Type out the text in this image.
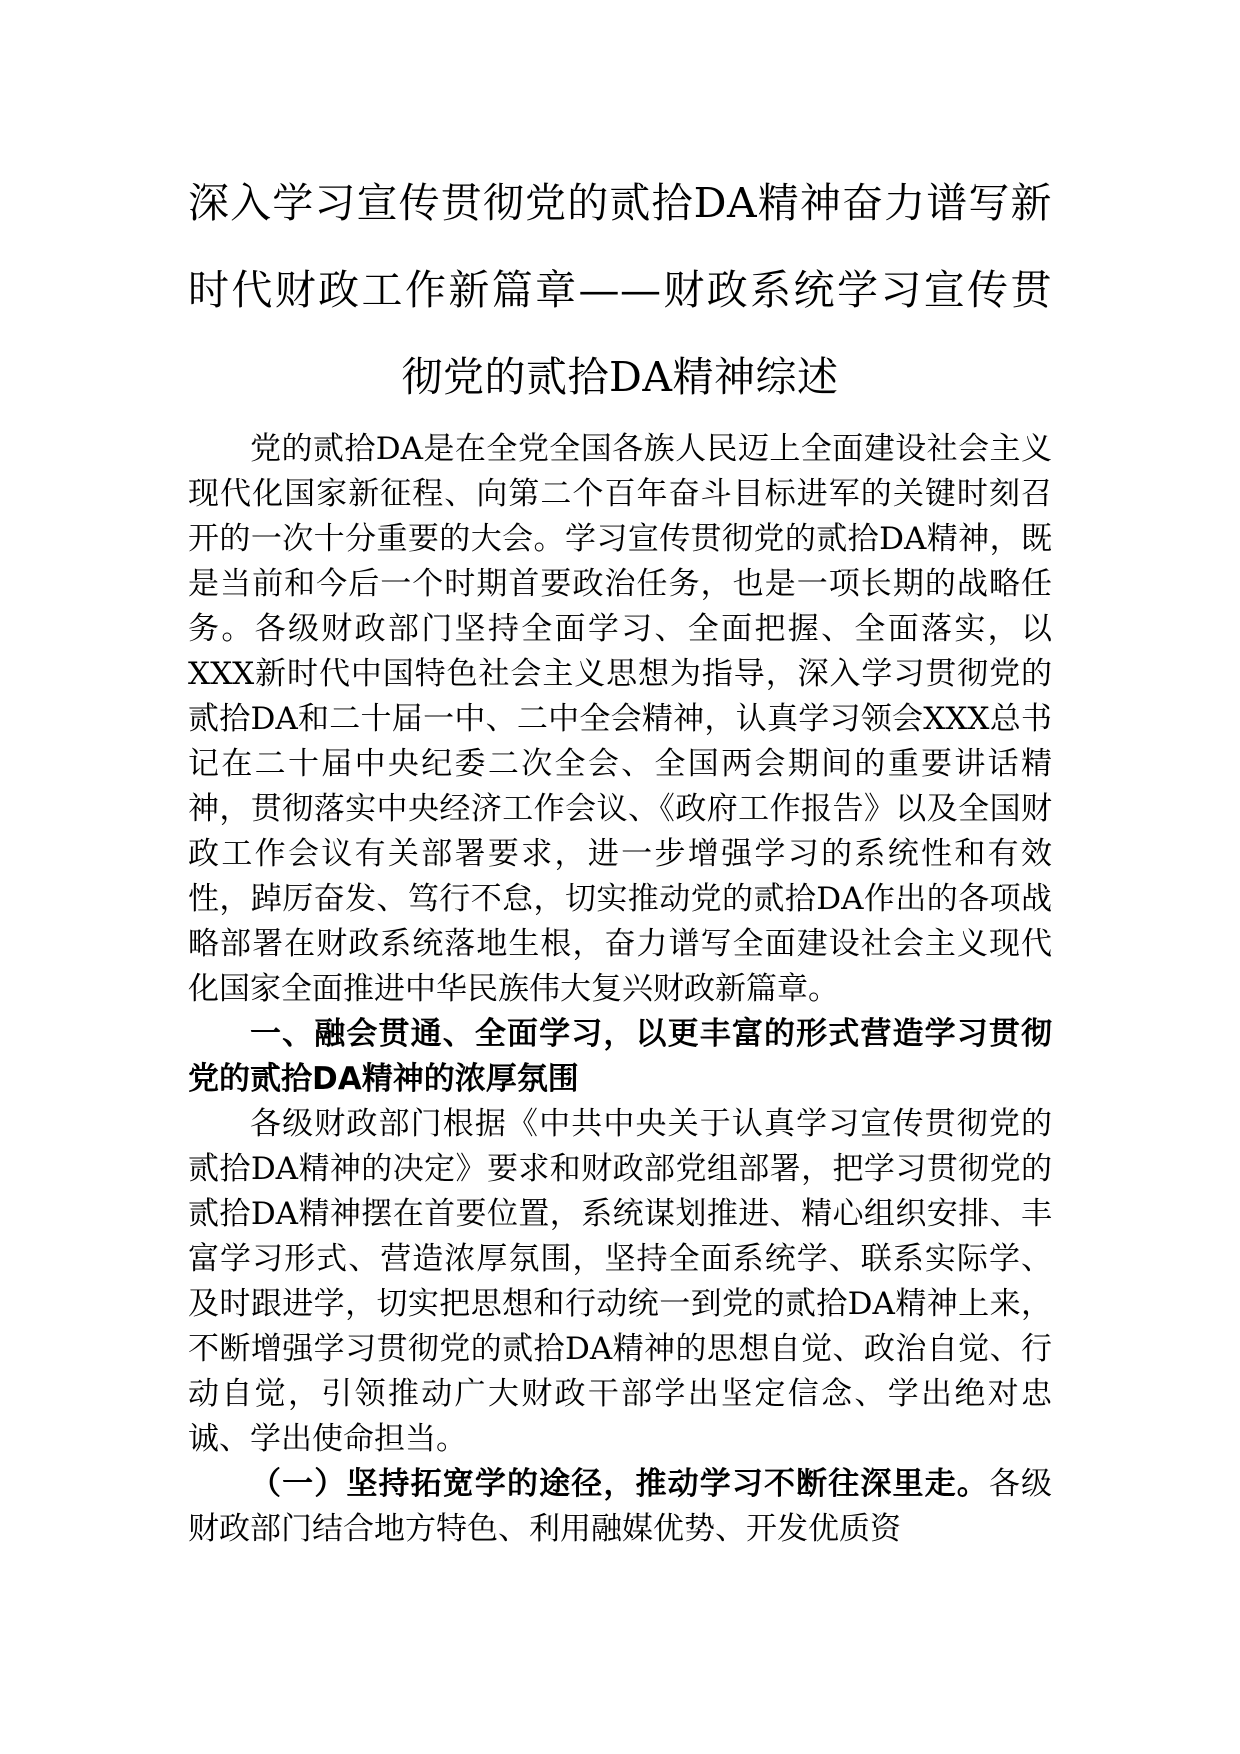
深入学习宣传贯彻党的贰拾DA精神奋力谱写新时代财政工作新篇章——财政系统学习宣传贯彻党的贰拾DA精神综述

党的贰拾DA是在全党全国各族人民迈上全面建设社会主义现代化国家新征程、向第二个百年奋斗目标进军的关键时刻召开的一次十分重要的大会。学习宣传贯彻党的贰拾DA精神，既是当前和今后一个时期首要政治任务，也是一项长期的战略任务。各级财政部门坚持全面学习、全面把握、全面落实，以XXX新时代中国特色社会主义思想为指导，深入学习贯彻党的贰拾DA和二十届一中、二中全会精神，认真学习领会XXX总书记在二十届中央纪委二次全会、全国两会期间的重要讲话精神，贯彻落实中央经济工作会议、《政府工作报告》以及全国财政工作会议有关部署要求，进一步增强学习的系统性和有效性，踔厉奋发、笃行不怠，切实推动党的贰拾DA作出的各项战略部署在财政系统落地生根，奋力谱写全面建设社会主义现代化国家全面推进中华民族伟大复兴财政新篇章。

一、融会贯通、全面学习，以更丰富的形式营造学习贯彻党的贰拾DA精神的浓厚氛围

各级财政部门根据《中共中央关于认真学习宣传贯彻党的贰拾DA精神的决定》要求和财政部党组部署，把学习贯彻党的贰拾DA精神摆在首要位置，系统谋划推进、精心组织安排、丰富学习形式、营造浓厚氛围，坚持全面系统学、联系实际学、及时跟进学，切实把思想和行动统一到党的贰拾DA精神上来，不断增强学习贯彻党的贰拾DA精神的思想自觉、政治自觉、行动自觉，引领推动广大财政干部学出坚定信念、学出绝对忠诚、学出使命担当。

（一）坚持拓宽学的途径，推动学习不断往深里走。各级财政部门结合地方特色、利用融媒优势、开发优质资
